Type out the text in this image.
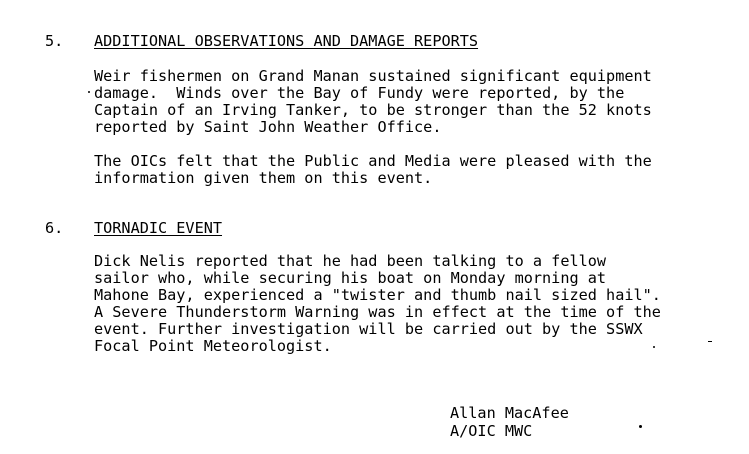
5. ADDITIONAL OBSERVATIONS AND DAMAGE REPORTS
Weir fishermen on Grand Manan sustained significant equipment
damage.  Winds over the Bay of Fundy were reported, by the
Captain of an Irving Tanker, to be stronger than the 52 knots
reported by Saint John Weather Office.
The OICs felt that the Public and Media were pleased with the
information given them on this event.
6. TORNADIC EVENT
Dick Nelis reported that he had been talking to a fellow
sailor who, while securing his boat on Monday morning at
Mahone Bay, experienced a "twister and thumb nail sized hail".
A Severe Thunderstorm Warning was in effect at the time of the
event. Further investigation will be carried out by the SSWX
Focal Point Meteorologist.
Allan MacAfee
A/OIC MWC
